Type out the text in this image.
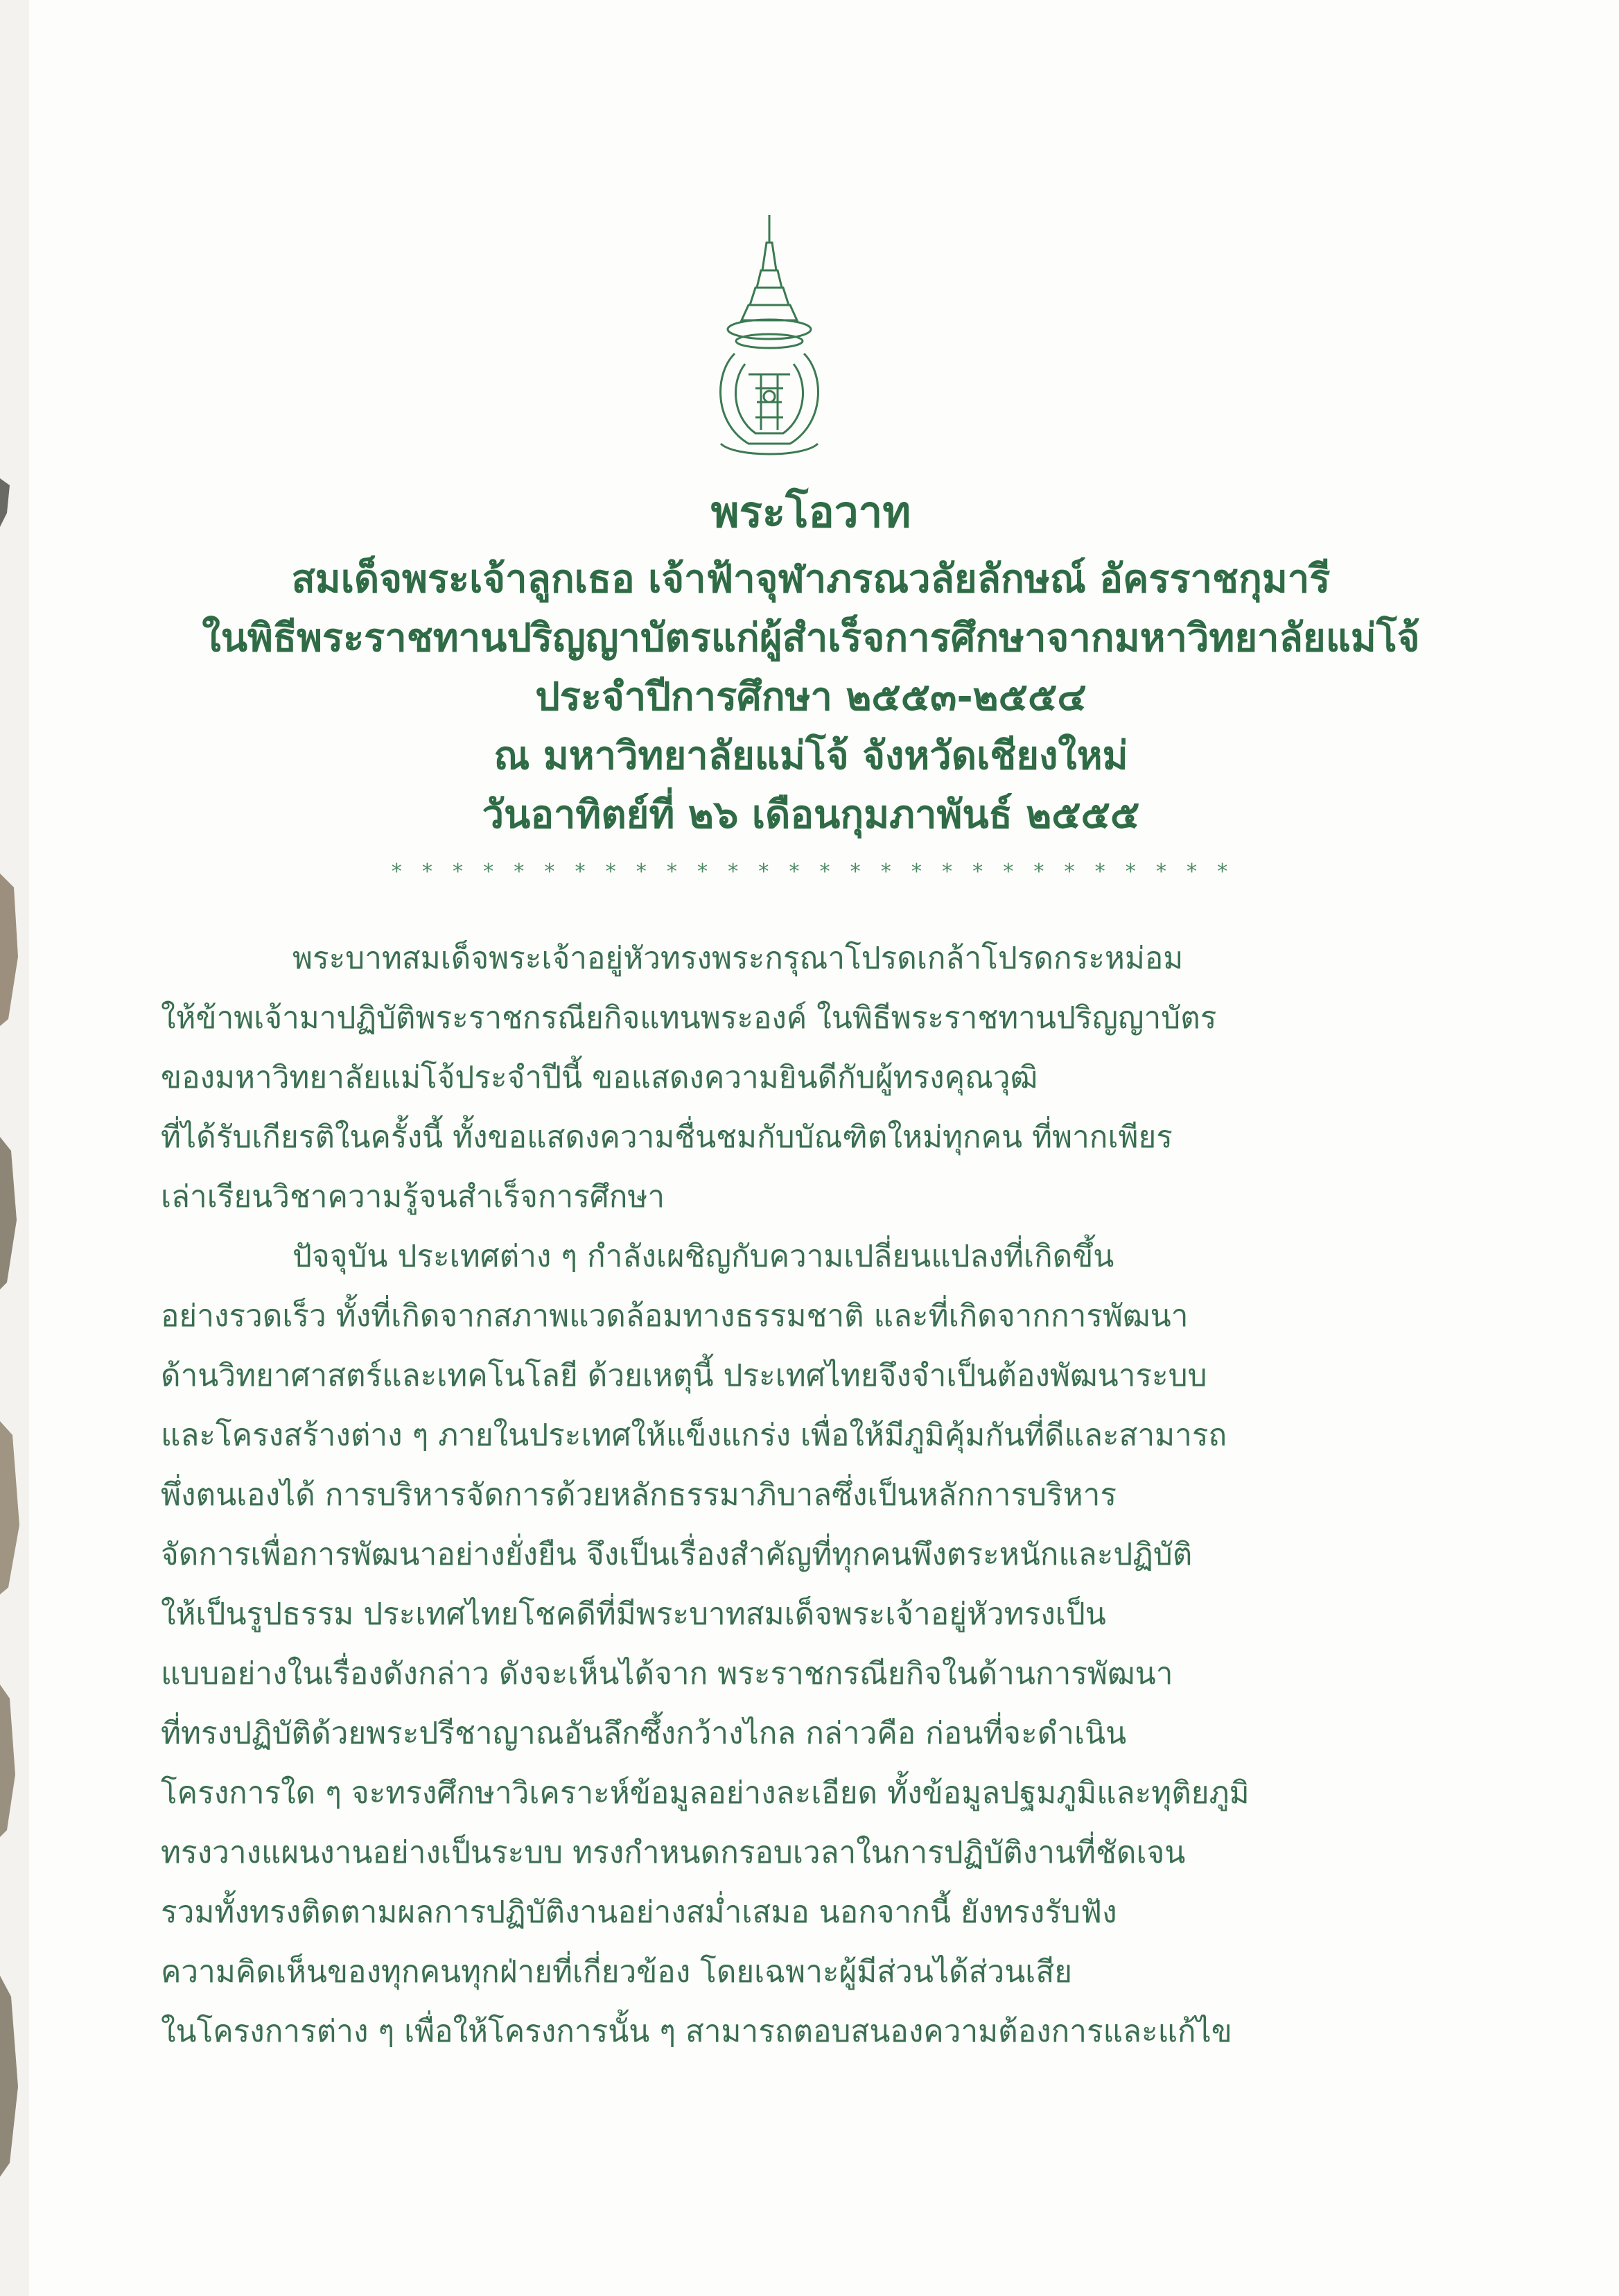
พระโอวาท
สมเด็จพระเจ้าลูกเธอ เจ้าฟ้าจุฬาภรณวลัยลักษณ์ อัครราชกุมารี
ในพิธีพระราชทานปริญญาบัตรแก่ผู้สำเร็จการศึกษาจากมหาวิทยาลัยแม่โจ้
ประจำปีการศึกษา ๒๕๕๓-๒๕๕๔
ณ มหาวิทยาลัยแม่โจ้ จังหวัดเชียงใหม่
วันอาทิตย์ที่ ๒๖ เดือนกุมภาพันธ์ ๒๕๕๕
* * * * * * * * * * * * * * * * * * * * * * * * * * * *
พระบาทสมเด็จพระเจ้าอยู่หัวทรงพระกรุณาโปรดเกล้าโปรดกระหม่อม
ให้ข้าพเจ้ามาปฏิบัติพระราชกรณียกิจแทนพระองค์ ในพิธีพระราชทานปริญญาบัตร
ของมหาวิทยาลัยแม่โจ้ประจำปีนี้ ขอแสดงความยินดีกับผู้ทรงคุณวุฒิ
ที่ได้รับเกียรติในครั้งนี้ ทั้งขอแสดงความชื่นชมกับบัณฑิตใหม่ทุกคน ที่พากเพียร
เล่าเรียนวิชาความรู้จนสำเร็จการศึกษา
ปัจจุบัน ประเทศต่าง ๆ กำลังเผชิญกับความเปลี่ยนแปลงที่เกิดขึ้น
อย่างรวดเร็ว ทั้งที่เกิดจากสภาพแวดล้อมทางธรรมชาติ และที่เกิดจากการพัฒนา
ด้านวิทยาศาสตร์และเทคโนโลยี ด้วยเหตุนี้ ประเทศไทยจึงจำเป็นต้องพัฒนาระบบ
และโครงสร้างต่าง ๆ ภายในประเทศให้แข็งแกร่ง เพื่อให้มีภูมิคุ้มกันที่ดีและสามารถ
พึ่งตนเองได้ การบริหารจัดการด้วยหลักธรรมาภิบาลซึ่งเป็นหลักการบริหาร
จัดการเพื่อการพัฒนาอย่างยั่งยืน จึงเป็นเรื่องสำคัญที่ทุกคนพึงตระหนักและปฏิบัติ
ให้เป็นรูปธรรม ประเทศไทยโชคดีที่มีพระบาทสมเด็จพระเจ้าอยู่หัวทรงเป็น
แบบอย่างในเรื่องดังกล่าว ดังจะเห็นได้จาก พระราชกรณียกิจในด้านการพัฒนา
ที่ทรงปฏิบัติด้วยพระปรีชาญาณอันลึกซึ้งกว้างไกล กล่าวคือ ก่อนที่จะดำเนิน
โครงการใด ๆ จะทรงศึกษาวิเคราะห์ข้อมูลอย่างละเอียด ทั้งข้อมูลปฐมภูมิและทุติยภูมิ
ทรงวางแผนงานอย่างเป็นระบบ ทรงกำหนดกรอบเวลาในการปฏิบัติงานที่ชัดเจน
รวมทั้งทรงติดตามผลการปฏิบัติงานอย่างสม่ำเสมอ นอกจากนี้ ยังทรงรับฟัง
ความคิดเห็นของทุกคนทุกฝ่ายที่เกี่ยวข้อง โดยเฉพาะผู้มีส่วนได้ส่วนเสีย
ในโครงการต่าง ๆ เพื่อให้โครงการนั้น ๆ สามารถตอบสนองความต้องการและแก้ไข
